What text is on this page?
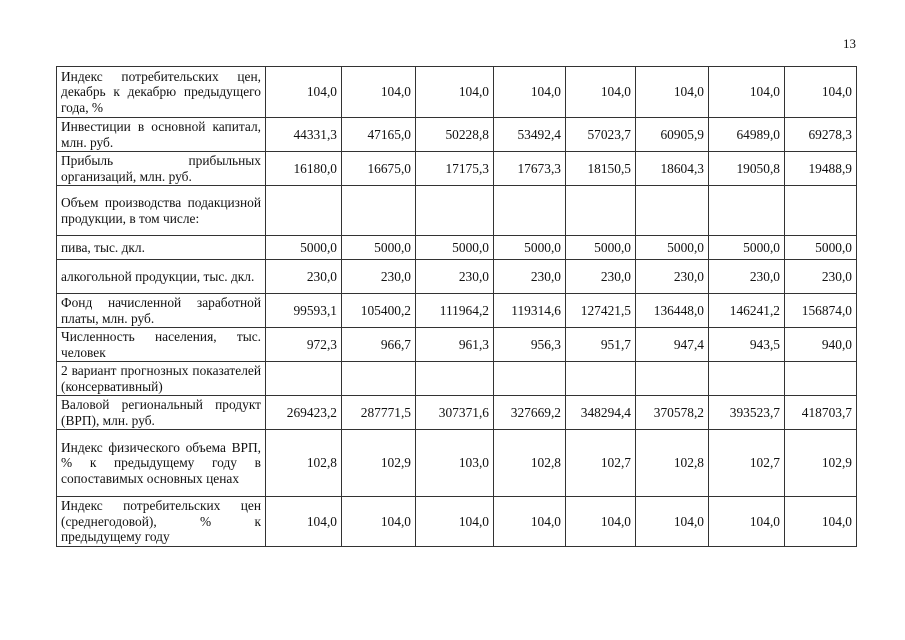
13
Индекс потребительских цен, декабрь к декабрю предыдущего года, %	104,0	104,0	104,0	104,0	104,0	104,0	104,0	104,0
Инвестиции в основной капитал, млн. руб.	44331,3	47165,0	50228,8	53492,4	57023,7	60905,9	64989,0	69278,3
Прибыль прибыльных организаций, млн. руб.	16180,0	16675,0	17175,3	17673,3	18150,5	18604,3	19050,8	19488,9
Объем производства подакцизной продукции, в том числе:								
пива, тыс. дкл.	5000,0	5000,0	5000,0	5000,0	5000,0	5000,0	5000,0	5000,0
алкогольной продукции, тыс. дкл.	230,0	230,0	230,0	230,0	230,0	230,0	230,0	230,0
Фонд начисленной заработной платы, млн. руб.	99593,1	105400,2	111964,2	119314,6	127421,5	136448,0	146241,2	156874,0
Численность населения, тыс. человек	972,3	966,7	961,3	956,3	951,7	947,4	943,5	940,0
2 вариант прогнозных показателей (консервативный)								
Валовой региональный продукт (ВРП), млн. руб.	269423,2	287771,5	307371,6	327669,2	348294,4	370578,2	393523,7	418703,7
Индекс физического объема ВРП, % к предыдущему году в сопоставимых основных ценах	102,8	102,9	103,0	102,8	102,7	102,8	102,7	102,9
Индекс потребительских цен (среднегодовой), % к предыдущему году	104,0	104,0	104,0	104,0	104,0	104,0	104,0	104,0
